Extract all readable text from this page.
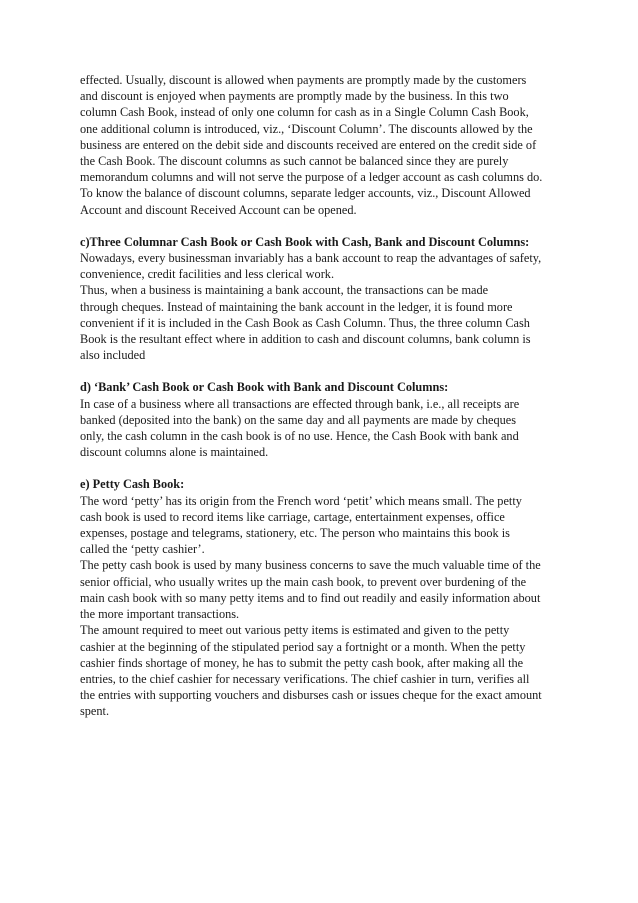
effected. Usually, discount is allowed when payments are promptly made by the customers
and discount is enjoyed when payments are promptly made by the business. In this two
column Cash Book, instead of only one column for cash as in a Single Column Cash Book,
one additional column is introduced, viz., ‘Discount Column’. The discounts allowed by the
business are entered on the debit side and discounts received are entered on the credit side of
the Cash Book. The discount columns as such cannot be balanced since they are purely
memorandum columns and will not serve the purpose of a ledger account as cash columns do.
To know the balance of discount columns, separate ledger accounts, viz., Discount Allowed
Account and discount Received Account can be opened.

c)Three Columnar Cash Book or Cash Book with Cash, Bank and Discount Columns:

Nowadays, every businessman invariably has a bank account to reap the advantages of safety,
convenience, credit facilities and less clerical work.
Thus, when a business is maintaining a bank account, the transactions can be made
through cheques. Instead of maintaining the bank account in the ledger, it is found more
convenient if it is included in the Cash Book as Cash Column. Thus, the three column Cash
Book is the resultant effect where in addition to cash and discount columns, bank column is
also included

d) ‘Bank’ Cash Book or Cash Book with Bank and Discount Columns:

In case of a business where all transactions are effected through bank, i.e., all receipts are
banked (deposited into the bank) on the same day and all payments are made by cheques
only, the cash column in the cash book is of no use. Hence, the Cash Book with bank and
discount columns alone is maintained.

e) Petty Cash Book:

The word ‘petty’ has its origin from the French word ‘petit’ which means small. The petty
cash book is used to record items like carriage, cartage, entertainment expenses, office
expenses, postage and telegrams, stationery, etc. The person who maintains this book is
called the ‘petty cashier’.
The petty cash book is used by many business concerns to save the much valuable time of the
senior official, who usually writes up the main cash book, to prevent over burdening of the
main cash book with so many petty items and to find out readily and easily information about
the more important transactions.
The amount required to meet out various petty items is estimated and given to the petty
cashier at the beginning of the stipulated period say a fortnight or a month. When the petty
cashier finds shortage of money, he has to submit the petty cash book, after making all the
entries, to the chief cashier for necessary verifications. The chief cashier in turn, verifies all
the entries with supporting vouchers and disburses cash or issues cheque for the exact amount
spent.
